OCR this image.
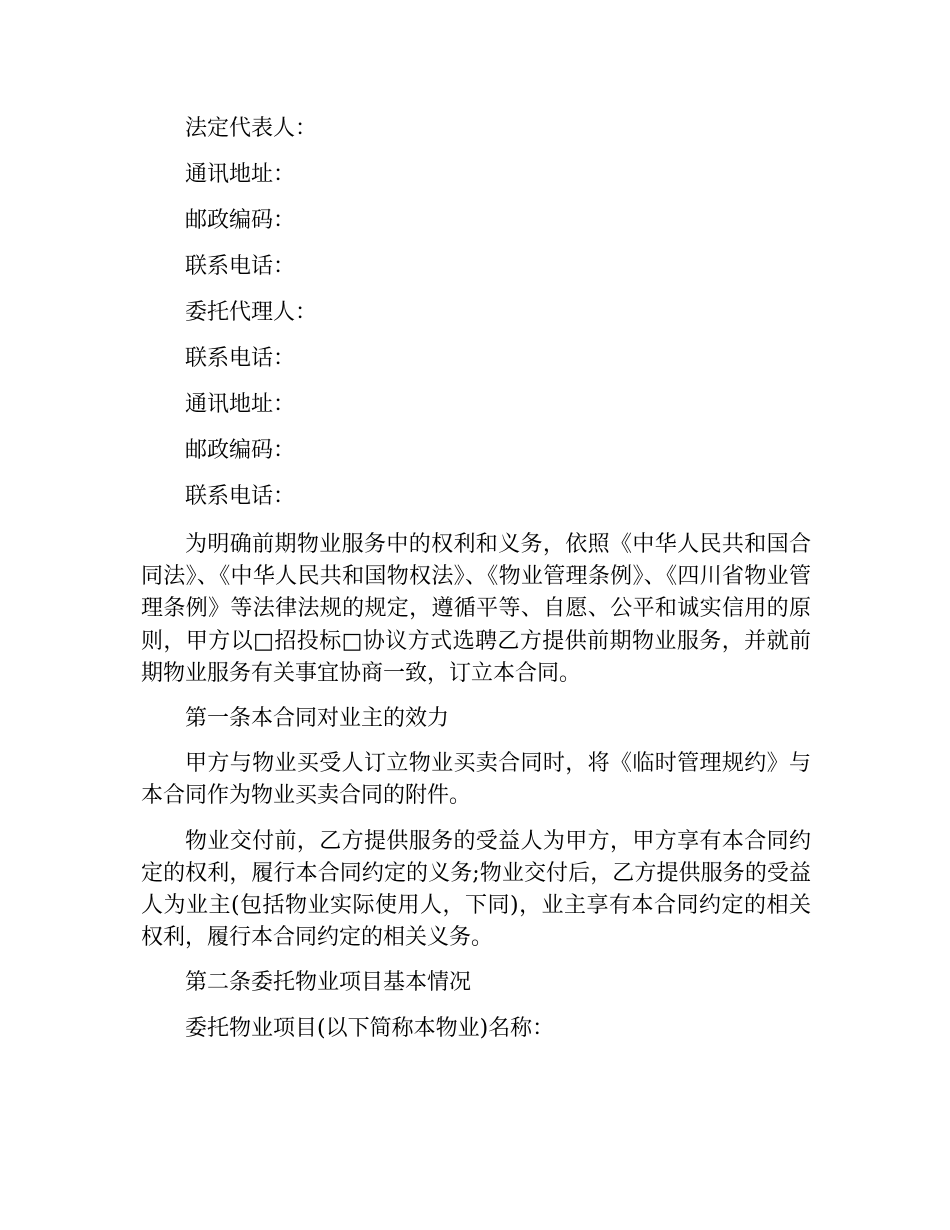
法定代表人：

通讯地址：

邮政编码：

联系电话：

委托代理人：

联系电话：

通讯地址：

邮政编码：

联系电话：

为明确前期物业服务中的权利和义务，依照《中华人民共和国合同法》、《中华人民共和国物权法》、《物业管理条例》、《四川省物业管理条例》等法律法规的规定，遵循平等、自愿、公平和诚实信用的原则，甲方以□招投标□协议方式选聘乙方提供前期物业服务，并就前期物业服务有关事宜协商一致，订立本合同。

第一条本合同对业主的效力

甲方与物业买受人订立物业买卖合同时，将《临时管理规约》与本合同作为物业买卖合同的附件。

物业交付前，乙方提供服务的受益人为甲方，甲方享有本合同约定的权利，履行本合同约定的义务;物业交付后，乙方提供服务的受益人为业主(包括物业实际使用人，下同)，业主享有本合同约定的相关权利，履行本合同约定的相关义务。

第二条委托物业项目基本情况

委托物业项目(以下简称本物业)名称：
